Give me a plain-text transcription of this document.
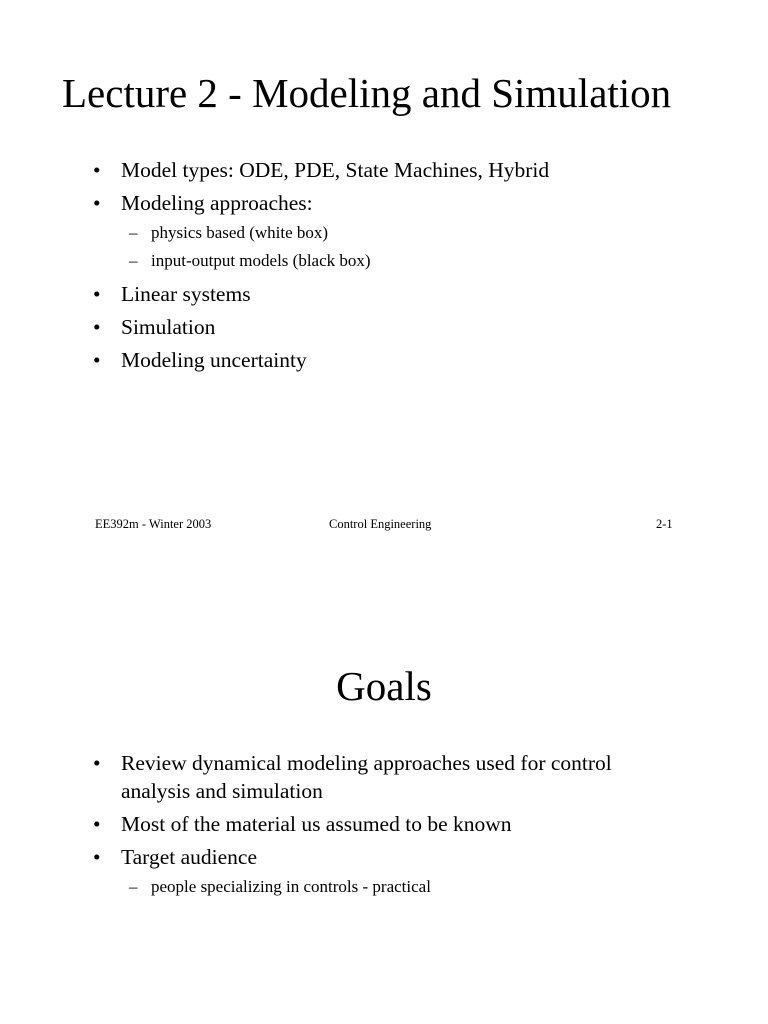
Lecture 2 - Modeling and Simulation
• Model types: ODE, PDE, State Machines, Hybrid
• Modeling approaches:
– physics based (white box)
– input-output models (black box)
• Linear systems
• Simulation
• Modeling uncertainty
EE392m - Winter 2003	Control Engineering	2-1
Goals
• Review dynamical modeling approaches used for control analysis and simulation
• Most of the material us assumed to be known
• Target audience
– people specializing in controls - practical
